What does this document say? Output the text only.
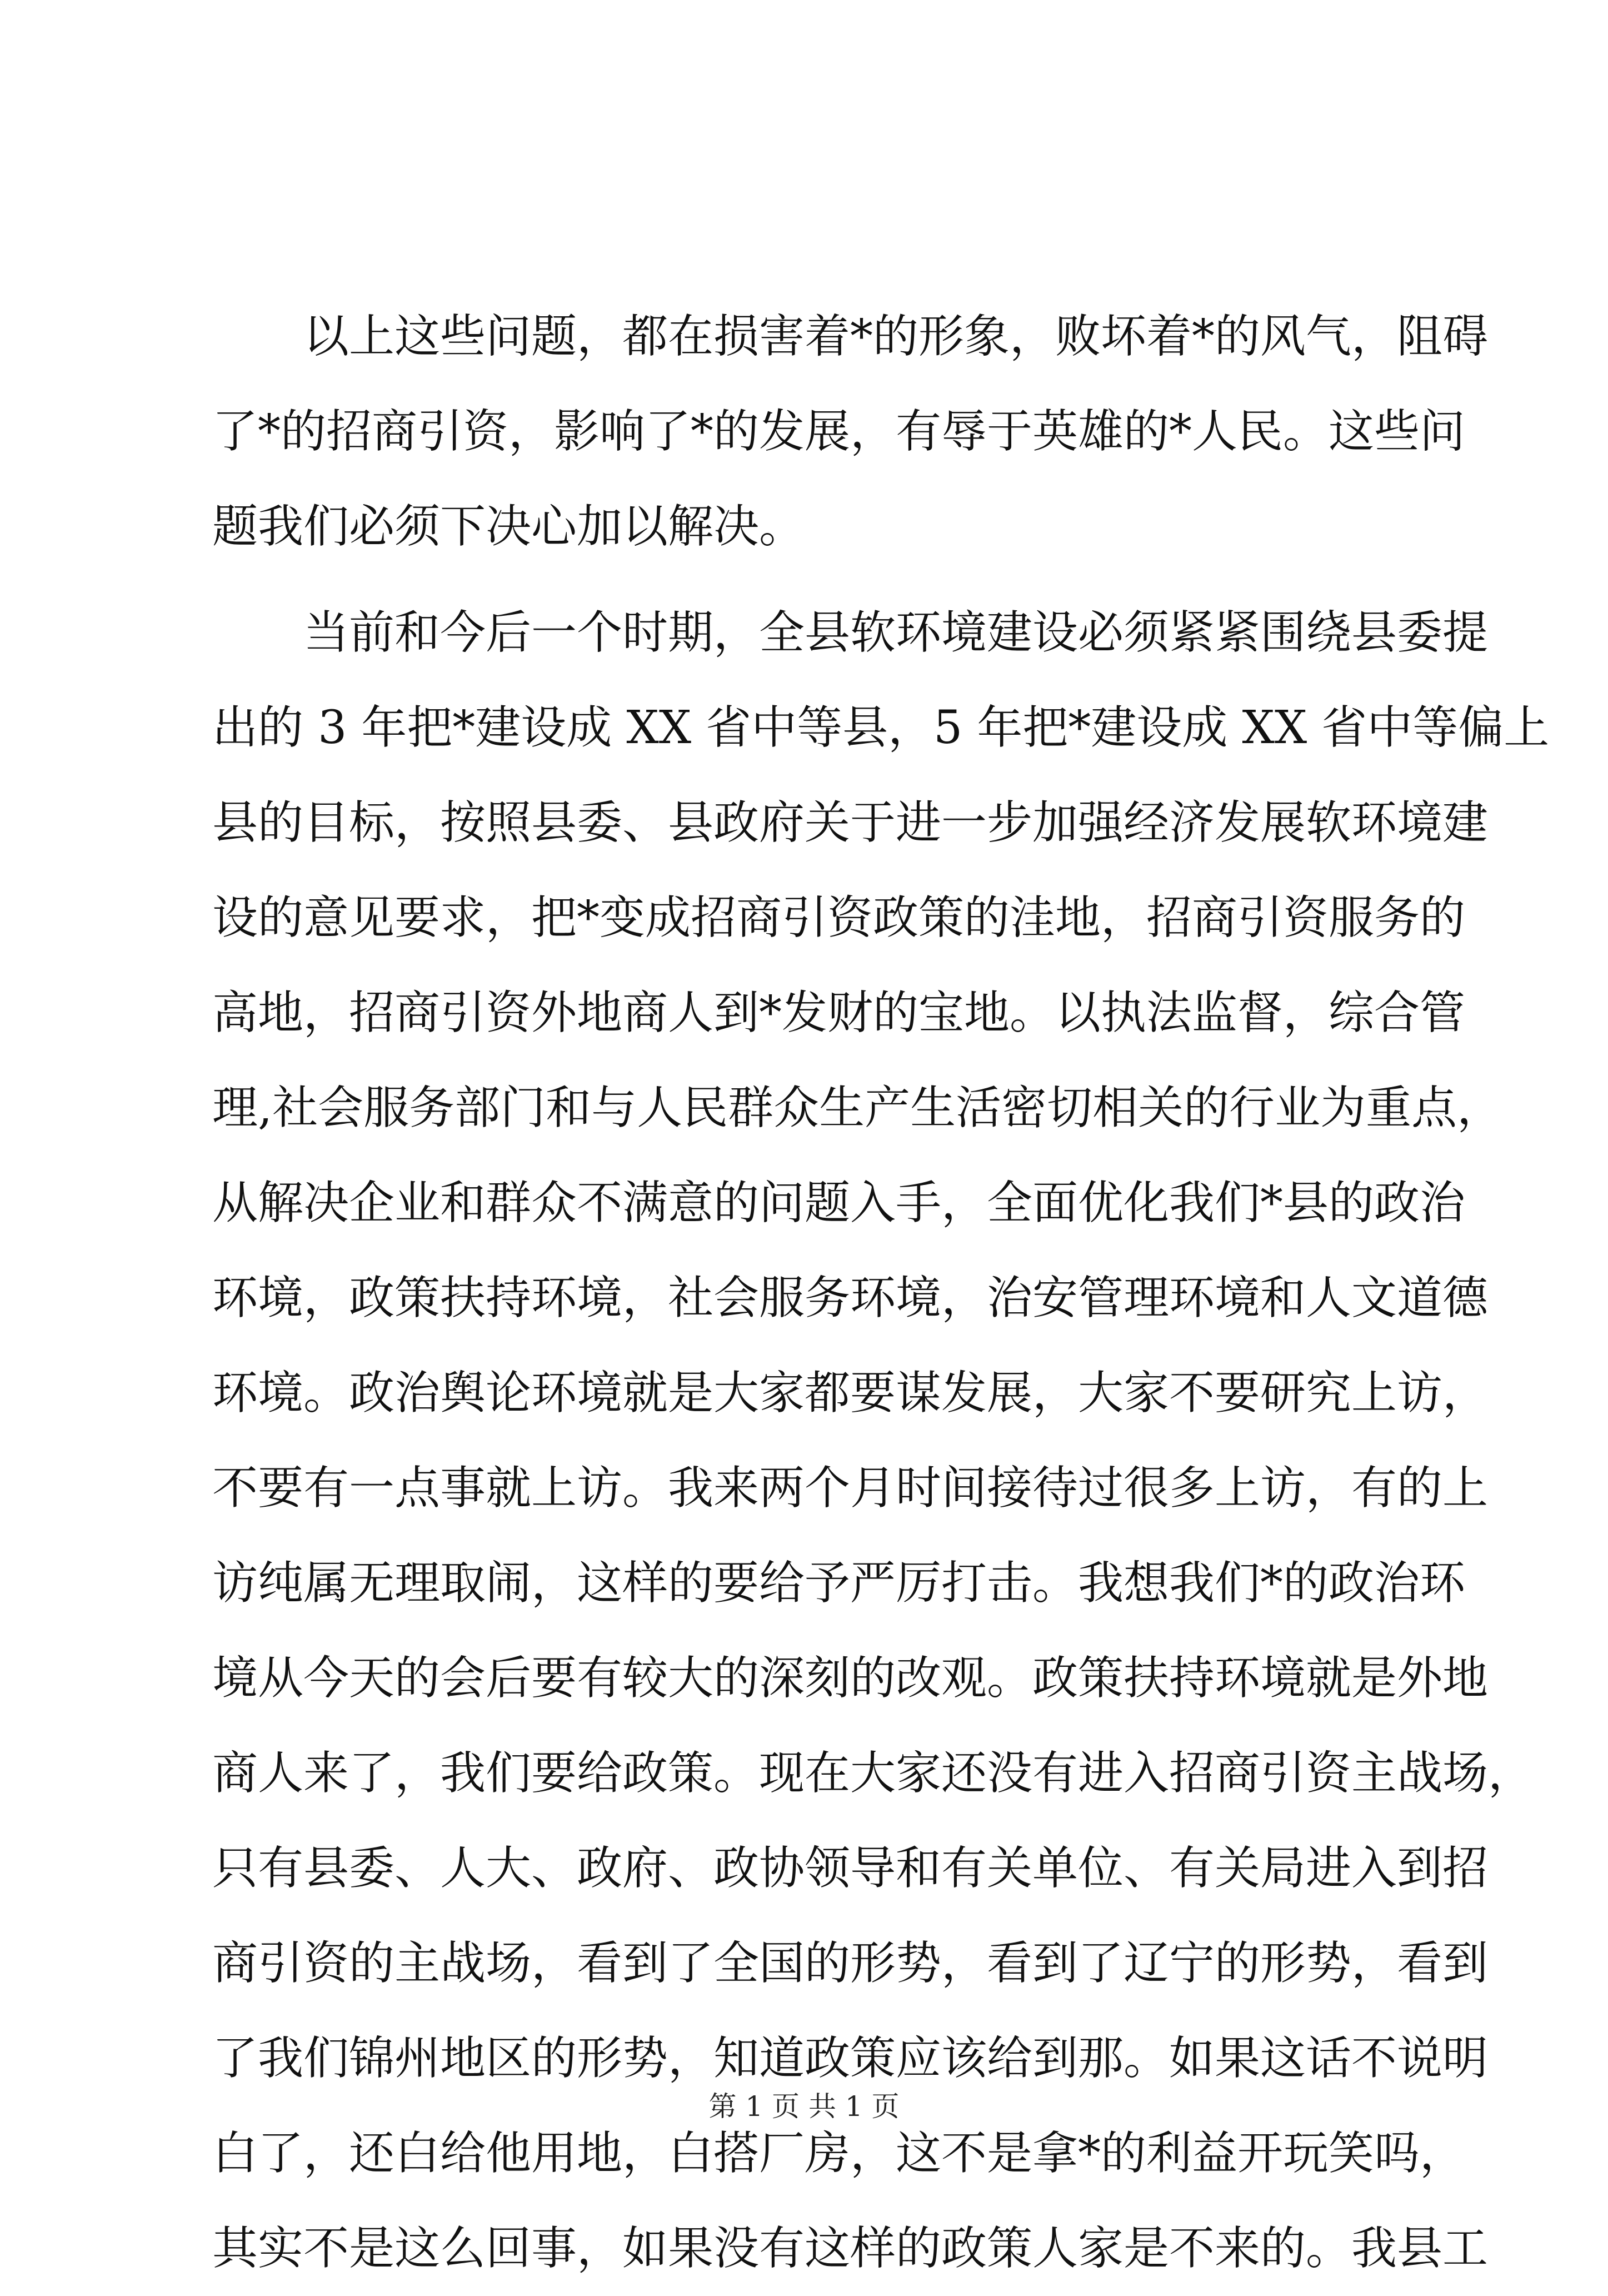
以上这些问题，都在损害着*的形象，败坏着*的风气，阻碍
了*的招商引资，影响了*的发展，有辱于英雄的*人民。这些问
题我们必须下决心加以解决。
当前和今后一个时期，全县软环境建设必须紧紧围绕县委提
出的 3 年把*建设成 XX 省中等县，5 年把*建设成 XX 省中等偏上
县的目标，按照县委、县政府关于进一步加强经济发展软环境建
设的意见要求，把*变成招商引资政策的洼地，招商引资服务的
高地，招商引资外地商人到*发财的宝地。以执法监督，综合管
理,社会服务部门和与人民群众生产生活密切相关的行业为重点，
从解决企业和群众不满意的问题入手，全面优化我们*县的政治
环境，政策扶持环境，社会服务环境，治安管理环境和人文道德
环境。政治舆论环境就是大家都要谋发展，大家不要研究上访，
不要有一点事就上访。我来两个月时间接待过很多上访，有的上
访纯属无理取闹，这样的要给予严厉打击。我想我们*的政治环
境从今天的会后要有较大的深刻的改观。政策扶持环境就是外地
商人来了，我们要给政策。现在大家还没有进入招商引资主战场，
只有县委、人大、政府、政协领导和有关单位、有关局进入到招
商引资的主战场，看到了全国的形势，看到了辽宁的形势，看到
了我们锦州地区的形势，知道政策应该给到那。如果这话不说明
白了，还白给他用地，白搭厂房，这不是拿*的利益开玩笑吗，
其实不是这么回事，如果没有这样的政策人家是不来的。我县工
第 1 页 共 1 页
